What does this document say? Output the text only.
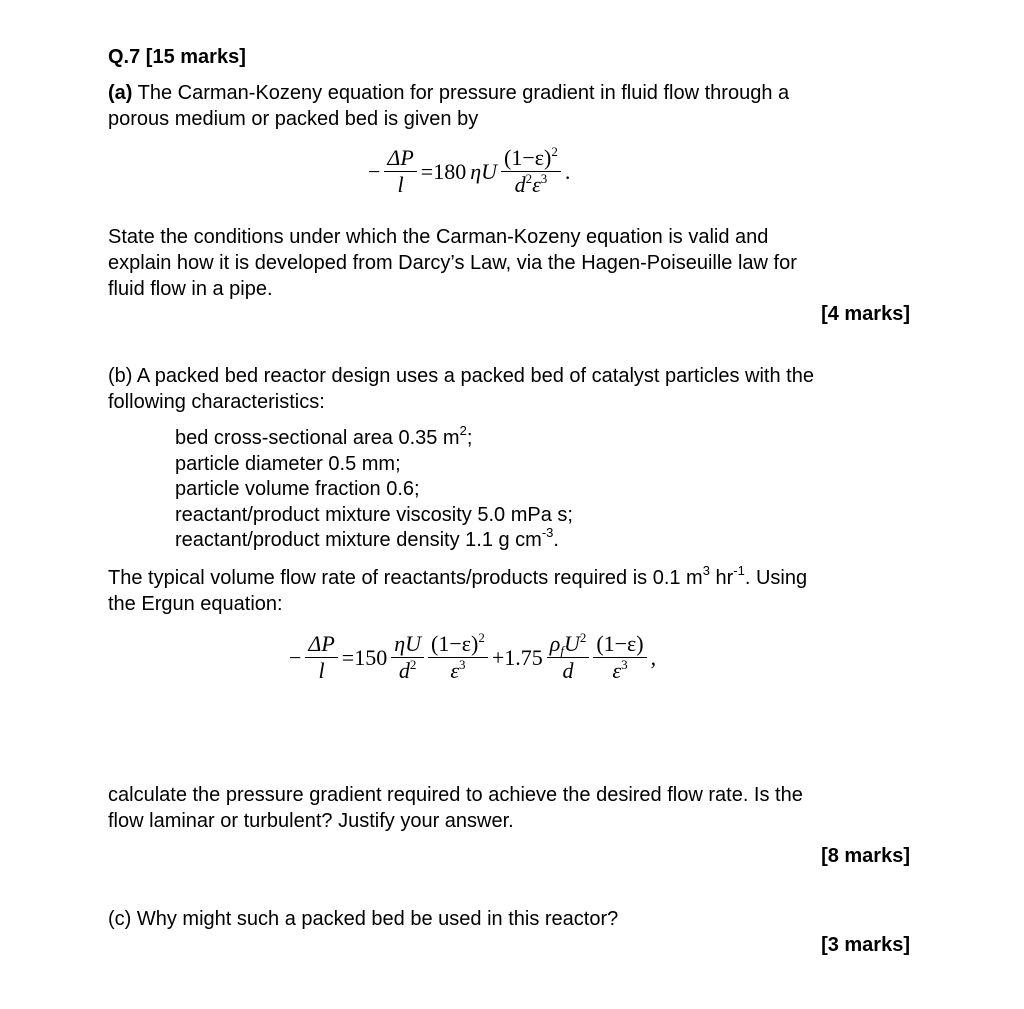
Q.7 [15 marks]
(a) The Carman-Kozeny equation for pressure gradient in fluid flow through a
porous medium or packed bed is given by
− $\frac{\Delta P}{l} =180$ ηU $\frac{(1-\varepsilon)^2}{d^2\varepsilon^3}$ .
State the conditions under which the Carman-Kozeny equation is valid and
explain how it is developed from Darcy’s Law, via the Hagen-Poiseuille law for
fluid flow in a pipe.
[4 marks]
(b) A packed bed reactor design uses a packed bed of catalyst particles with the
following characteristics:
bed cross-sectional area 0.35 $m^2$;
particle diameter 0.5 mm;
particle volume fraction 0.6;
reactant/product mixture viscosity 5.0 mPa s;
reactant/product mixture density 1.1 g $cm^{-3}$.
The typical volume flow rate of reactants/products required is 0.1 $m^3$ $hr^{-1}$. Using
the Ergun equation:
− $\frac{\Delta P}{l} =150 \frac{\eta U}{d^2} \frac{(1-\varepsilon)^2}{\varepsilon^3} +1.75 \frac{\rho_fU^2}{d} \frac{(1-\varepsilon)}{\varepsilon^3}$ ,
calculate the pressure gradient required to achieve the desired flow rate. Is the
flow laminar or turbulent? Justify your answer.
[8 marks]
(c) Why might such a packed bed be used in this reactor?
[3 marks]
